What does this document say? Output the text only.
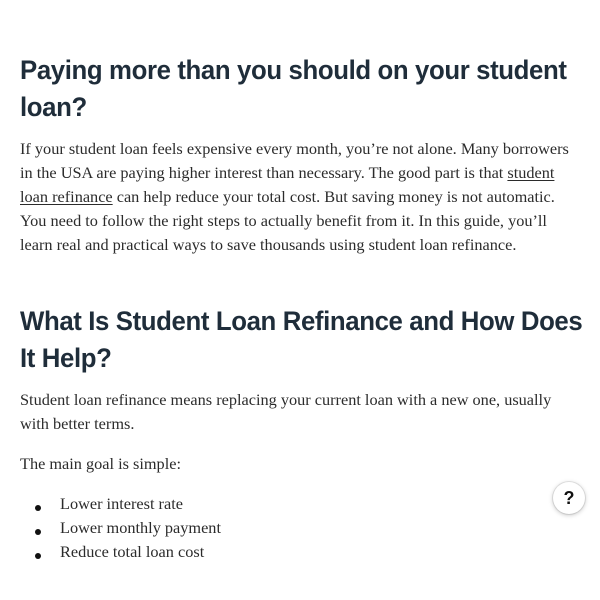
Paying more than you should on your student loan?

If your student loan feels expensive every month, you’re not alone. Many borrowers in the USA are paying higher interest than necessary. The good part is that student loan refinance can help reduce your total cost. But saving money is not automatic. You need to follow the right steps to actually benefit from it. In this guide, you’ll learn real and practical ways to save thousands using student loan refinance.

What Is Student Loan Refinance and How Does It Help?

Student loan refinance means replacing your current loan with a new one, usually with better terms.

The main goal is simple:

Lower interest rate
Lower monthly payment
Reduce total loan cost
?
